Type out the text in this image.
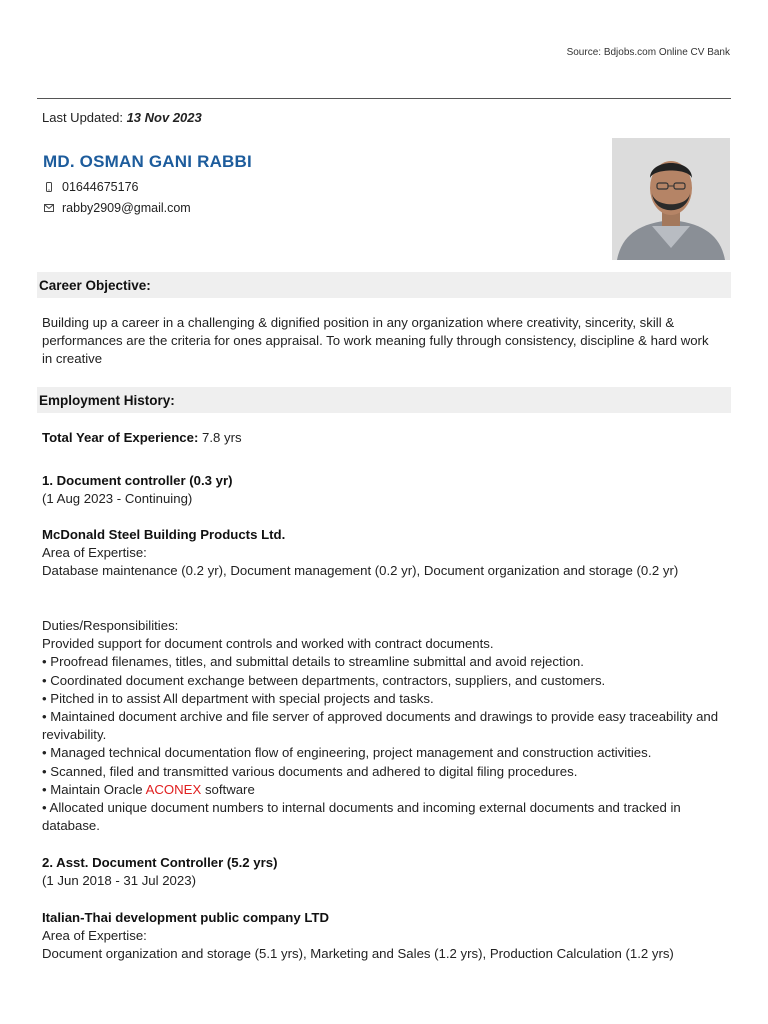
Source: Bdjobs.com Online CV Bank
Last Updated: 13 Nov 2023
MD. OSMAN GANI RABBI
01644675176
rabby2909@gmail.com
Career Objective:

Building up a career in a challenging & dignified position in any organization where creativity, sincerity, skill & performances are the criteria for ones appraisal. To work meaning fully through consistency, discipline & hard work in creative

Employment History:

Total Year of Experience: 7.8 yrs

1. Document controller (0.3 yr)

(1 Aug 2023 - Continuing)

McDonald Steel Building Products Ltd.

Area of Expertise:

Database maintenance (0.2 yr), Document management (0.2 yr), Document organization and storage (0.2 yr)

Duties/Responsibilities:

Provided support for document controls and worked with contract documents.

• Proofread filenames, titles, and submittal details to streamline submittal and avoid rejection.

• Coordinated document exchange between departments, contractors, suppliers, and customers.

• Pitched in to assist All department with special projects and tasks.

• Maintained document archive and file server of approved documents and drawings to provide easy traceability and revivability.

• Managed technical documentation flow of engineering, project management and construction activities.

• Scanned, filed and transmitted various documents and adhered to digital filing procedures.

• Maintain Oracle ACONEX software

• Allocated unique document numbers to internal documents and incoming external documents and tracked in database.

2. Asst. Document Controller (5.2 yrs)

(1 Jun 2018 - 31 Jul 2023)

Italian-Thai development public company LTD

Area of Expertise:

Document organization and storage (5.1 yrs), Marketing and Sales (1.2 yrs), Production Calculation (1.2 yrs)
